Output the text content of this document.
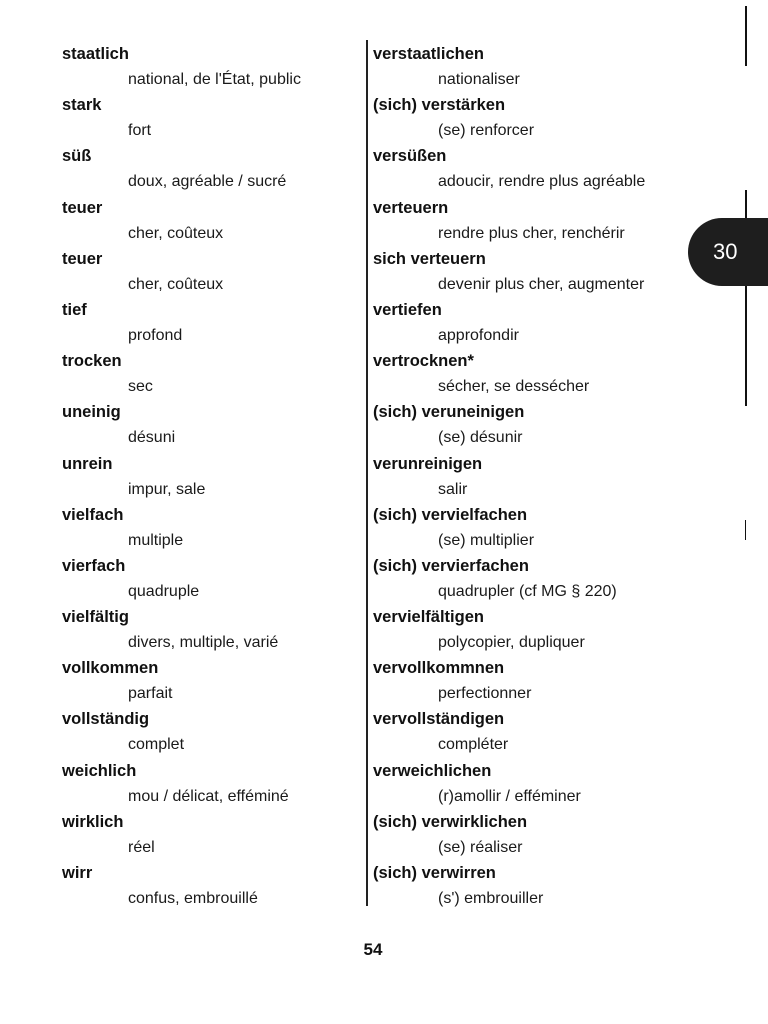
staatlich
national, de l'État, public
stark
fort
süß
doux, agréable / sucré
teuer
cher, coûteux
teuer
cher, coûteux
tief
profond
trocken
sec
uneinig
désuni
unrein
impur, sale
vielfach
multiple
vierfach
quadruple
vielfältig
divers, multiple, varié
vollkommen
parfait
vollständig
complet
weichlich
mou / délicat, efféminé
wirklich
réel
wirr
confus, embrouillé
verstaatlichen
nationaliser
(sich) verstärken
(se) renforcer
versüßen
adoucir, rendre plus agréable
verteuern
rendre plus cher, renchérir
sich verteuern
devenir plus cher, augmenter
vertiefen
approfondir
vertrocknen*
sécher, se dessécher
(sich) veruneinigen
(se) désunir
verunreinigen
salir
(sich) vervielfachen
(se) multiplier
(sich) vervierfachen
quadrupler (cf MG § 220)
vervielfältigen
polycopier, dupliquer
vervollkommnen
perfectionner
vervollständigen
compléter
verweichlichen
(r)amollir / efféminer
(sich) verwirklichen
(se) réaliser
(sich) verwirren
(s') embrouiller
30
54
